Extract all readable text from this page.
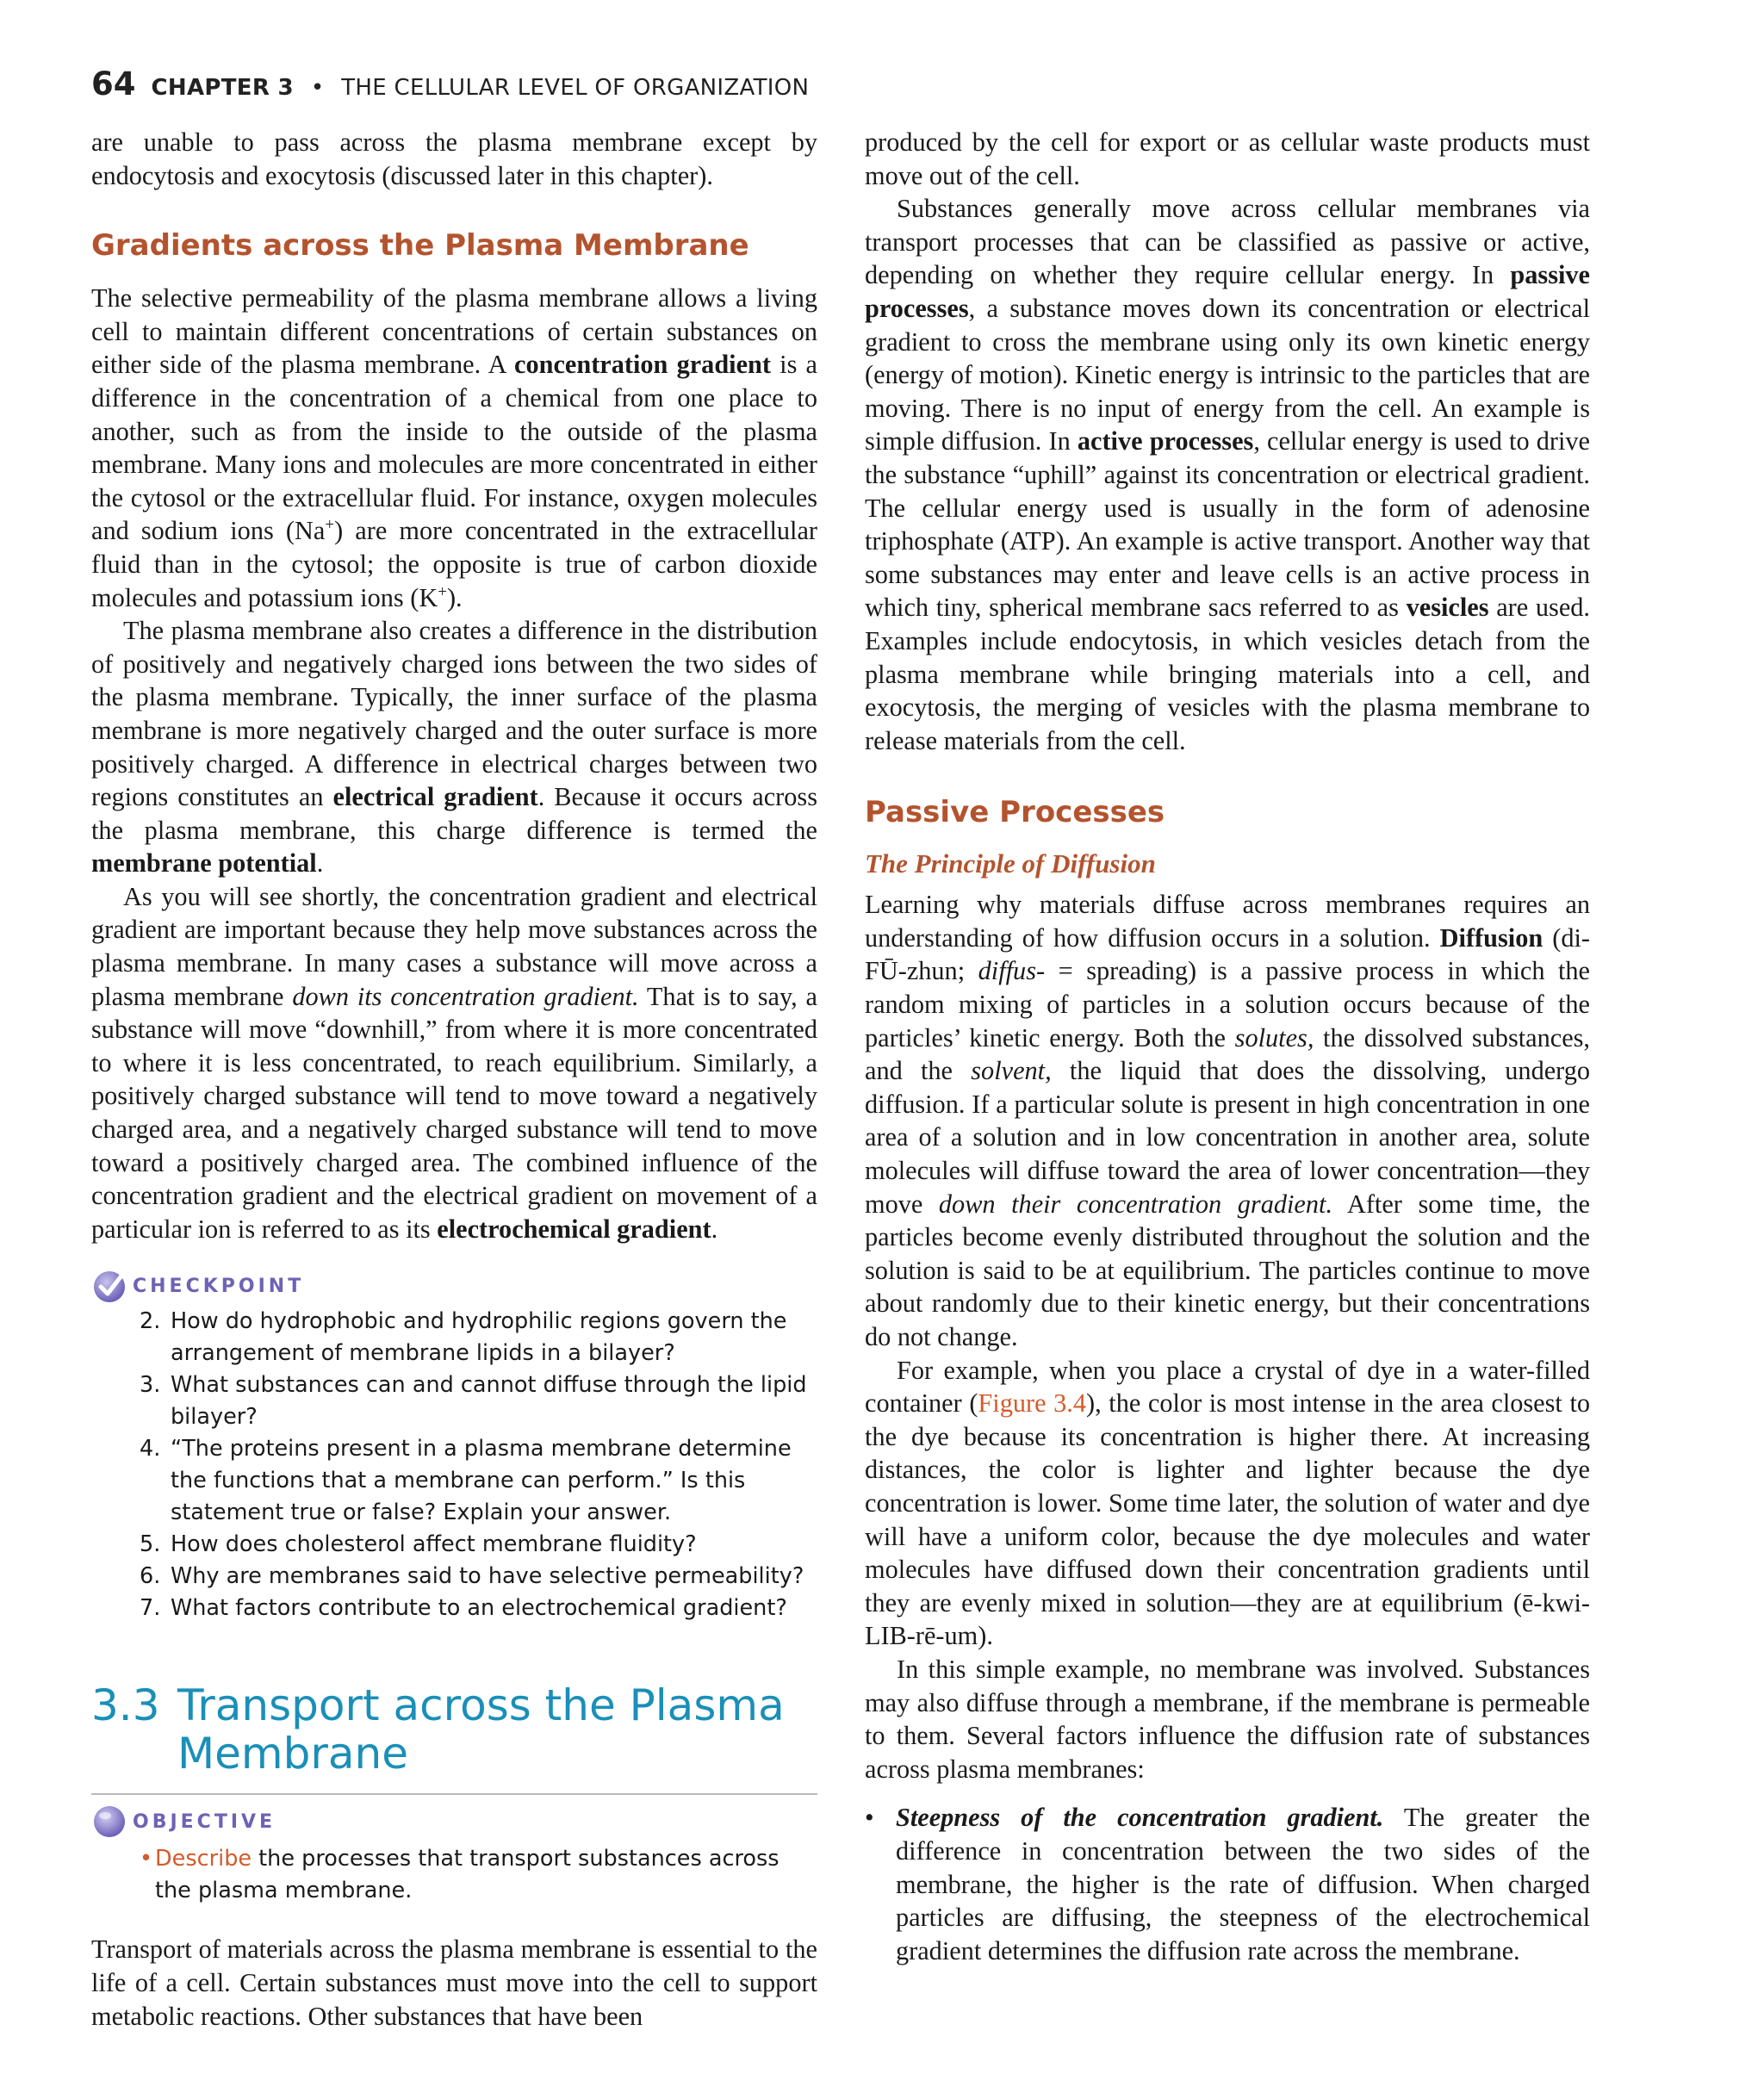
64 CHAPTER 3 • THE CELLULAR LEVEL OF ORGANIZATION

are unable to pass across the plasma membrane except by endocytosis and exocytosis (discussed later in this chapter).

Gradients across the Plasma Membrane

The selective permeability of the plasma membrane allows a living cell to maintain different concentrations of certain substances on either side of the plasma membrane. A concentration gradient is a difference in the concentration of a chemical from one place to another, such as from the inside to the outside of the plasma membrane. Many ions and molecules are more concentrated in either the cytosol or the extracellular fluid. For instance, oxygen molecules and sodium ions (Na+) are more concentrated in the extracellular fluid than in the cytosol; the opposite is true of carbon dioxide molecules and potassium ions (K+).

The plasma membrane also creates a difference in the distribution of positively and negatively charged ions between the two sides of the plasma membrane. Typically, the inner surface of the plasma membrane is more negatively charged and the outer surface is more positively charged. A difference in electrical charges between two regions constitutes an electrical gradient. Because it occurs across the plasma membrane, this charge difference is termed the membrane potential.

As you will see shortly, the concentration gradient and electrical gradient are important because they help move substances across the plasma membrane. In many cases a substance will move across a plasma membrane down its concentration gradient. That is to say, a substance will move “downhill,” from where it is more concentrated to where it is less concentrated, to reach equilibrium. Similarly, a positively charged substance will tend to move toward a negatively charged area, and a negatively charged substance will tend to move toward a positively charged area. The combined influence of the concentration gradient and the electrical gradient on movement of a particular ion is referred to as its electrochemical gradient.

CHECKPOINT
2. How do hydrophobic and hydrophilic regions govern the arrangement of membrane lipids in a bilayer?
3. What substances can and cannot diffuse through the lipid bilayer?
4. “The proteins present in a plasma membrane determine the functions that a membrane can perform.” Is this statement true or false? Explain your answer.
5. How does cholesterol affect membrane fluidity?
6. Why are membranes said to have selective permeability?
7. What factors contribute to an electrochemical gradient?
3.3 Transport across the Plasma Membrane
OBJECTIVE
• Describe the processes that transport substances across the plasma membrane.

Transport of materials across the plasma membrane is essential to the life of a cell. Certain substances must move into the cell to support metabolic reactions. Other substances that have been

produced by the cell for export or as cellular waste products must move out of the cell.

Substances generally move across cellular membranes via transport processes that can be classified as passive or active, depending on whether they require cellular energy. In passive processes, a substance moves down its concentration or electrical gradient to cross the membrane using only its own kinetic energy (energy of motion). Kinetic energy is intrinsic to the particles that are moving. There is no input of energy from the cell. An example is simple diffusion. In active processes, cellular energy is used to drive the substance “uphill” against its concentration or electrical gradient. The cellular energy used is usually in the form of adenosine triphosphate (ATP). An example is active transport. Another way that some substances may enter and leave cells is an active process in which tiny, spherical membrane sacs referred to as vesicles are used. Examples include endocytosis, in which vesicles detach from the plasma membrane while bringing materials into a cell, and exocytosis, the merging of vesicles with the plasma membrane to release materials from the cell.

Passive Processes
The Principle of Diffusion

Learning why materials diffuse across membranes requires an understanding of how diffusion occurs in a solution. Diffusion (di-FŪ-zhun; diffus- = spreading) is a passive process in which the random mixing of particles in a solution occurs because of the particles’ kinetic energy. Both the solutes, the dissolved substances, and the solvent, the liquid that does the dissolving, undergo diffusion. If a particular solute is present in high concentration in one area of a solution and in low concentration in another area, solute molecules will diffuse toward the area of lower concentration—they move down their concentration gradient. After some time, the particles become evenly distributed throughout the solution and the solution is said to be at equilibrium. The particles continue to move about randomly due to their kinetic energy, but their concentrations do not change.

For example, when you place a crystal of dye in a water-filled container (Figure 3.4), the color is most intense in the area closest to the dye because its concentration is higher there. At increasing distances, the color is lighter and lighter because the dye concentration is lower. Some time later, the solution of water and dye will have a uniform color, because the dye molecules and water molecules have diffused down their concentration gradients until they are evenly mixed in solution—they are at equilibrium (ē-kwi-LIB-rē-um).

In this simple example, no membrane was involved. Substances may also diffuse through a membrane, if the membrane is permeable to them. Several factors influence the diffusion rate of substances across plasma membranes:

• Steepness of the concentration gradient. The greater the difference in concentration between the two sides of the membrane, the higher is the rate of diffusion. When charged particles are diffusing, the steepness of the electrochemical gradient determines the diffusion rate across the membrane.
